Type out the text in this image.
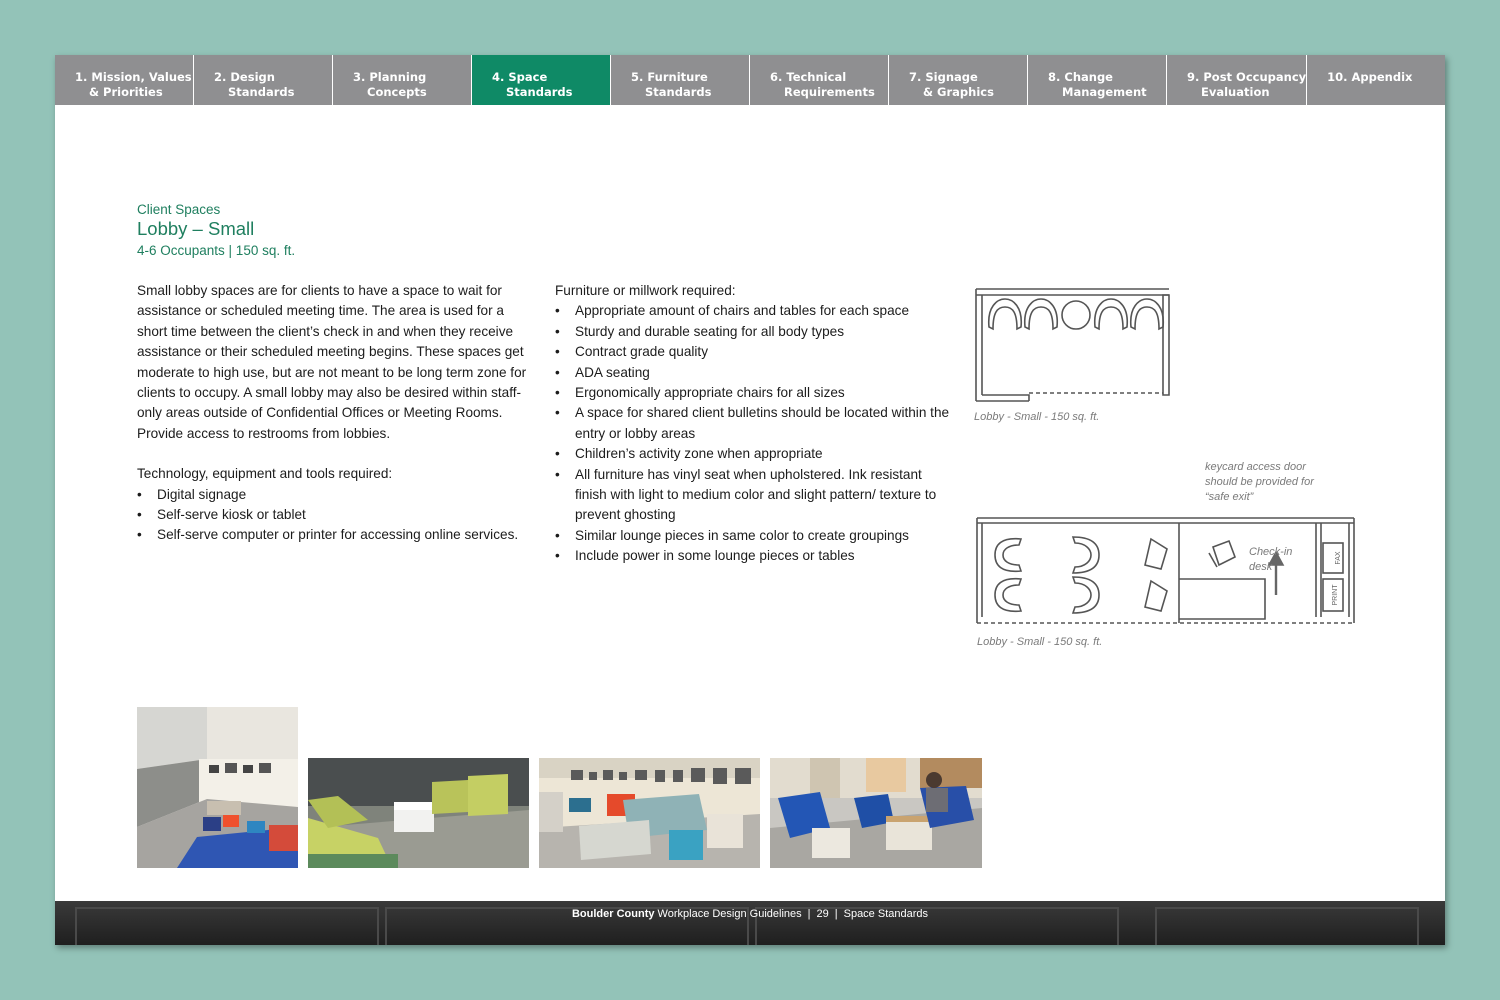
1. Mission, Values
& Priorities
2. Design
Standards
3. Planning
Concepts
4. Space
Standards
5. Furniture
Standards
6. Technical
Requirements
7. Signage
& Graphics
8. Change
Management
9. Post Occupancy
Evaluation
10. Appendix
Client Spaces
Lobby – Small
4-6 Occupants | 150 sq. ft.

Small lobby spaces are for clients to have a space to wait for assistance or scheduled meeting time. The area is used for a short time between the client’s check in and when they receive assistance or their scheduled meeting begins. These spaces get moderate to high use, but are not meant to be long term zone for clients to occupy. A small lobby may also be desired within staff-only areas outside of Confidential Offices or Meeting Rooms. Provide access to restrooms from lobbies.

Technology, equipment and tools required:

• Digital signage
• Self-serve kiosk or tablet
• Self-serve computer or printer for accessing online services.

Furniture or millwork required:

• Appropriate amount of chairs and tables for each space
• Sturdy and durable seating for all body types
• Contract grade quality
• ADA seating
• Ergonomically appropriate chairs for all sizes
• A space for shared client bulletins should be located within the entry or lobby areas
• Children’s activity zone when appropriate
• All furniture has vinyl seat when upholstered. Ink resistant finish with light to medium color and slight pattern/ texture to prevent ghosting
• Similar lounge pieces in same color to create groupings
• Include power in some lounge pieces or tables
Lobby - Small - 150 sq. ft.
keycard access door
should be provided for
“safe exit”
FAX
PRINT
Check-in
desk
Lobby - Small - 150 sq. ft.
Boulder County Workplace Design Guidelines | 29 | Space Standards
